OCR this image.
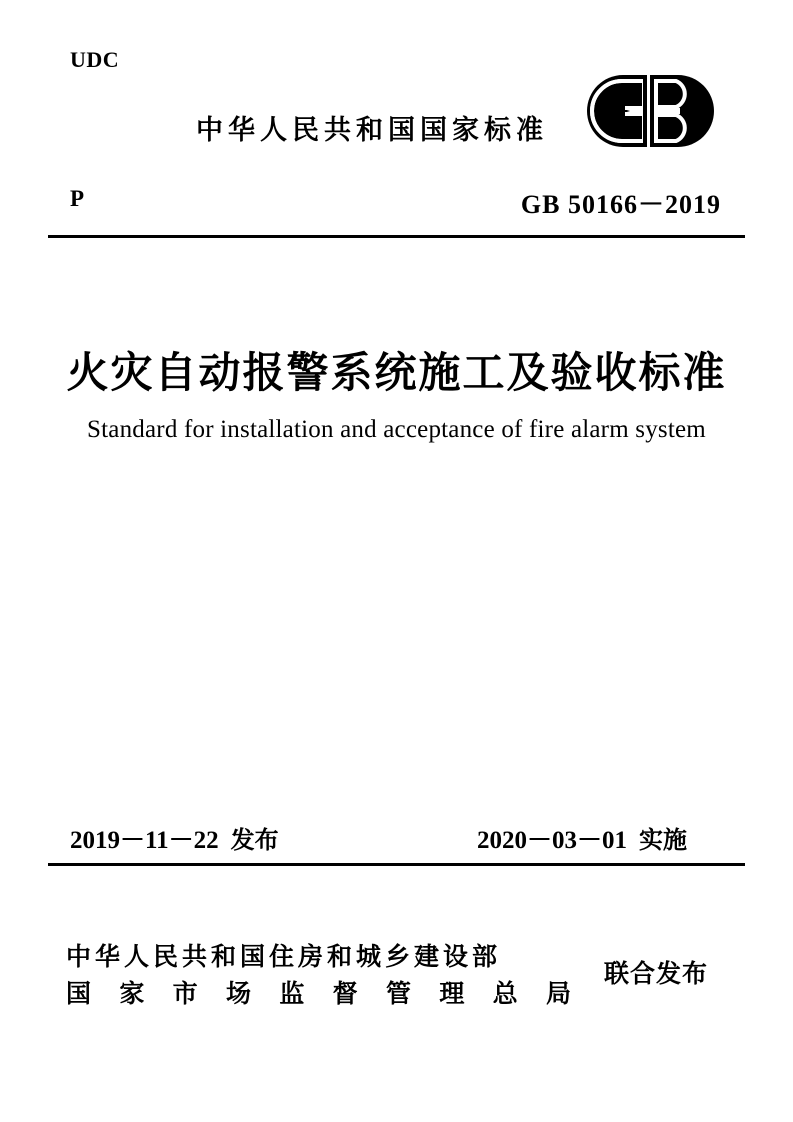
UDC
中华人民共和国国家标准
P	GB 50166－2019
火灾自动报警系统施工及验收标准
Standard for installation and acceptance of fire alarm system
2019－11－22 发布	2020－03－01 实施
中华人民共和国住房和城乡建设部
国家市场监督管理总局
联合发布
